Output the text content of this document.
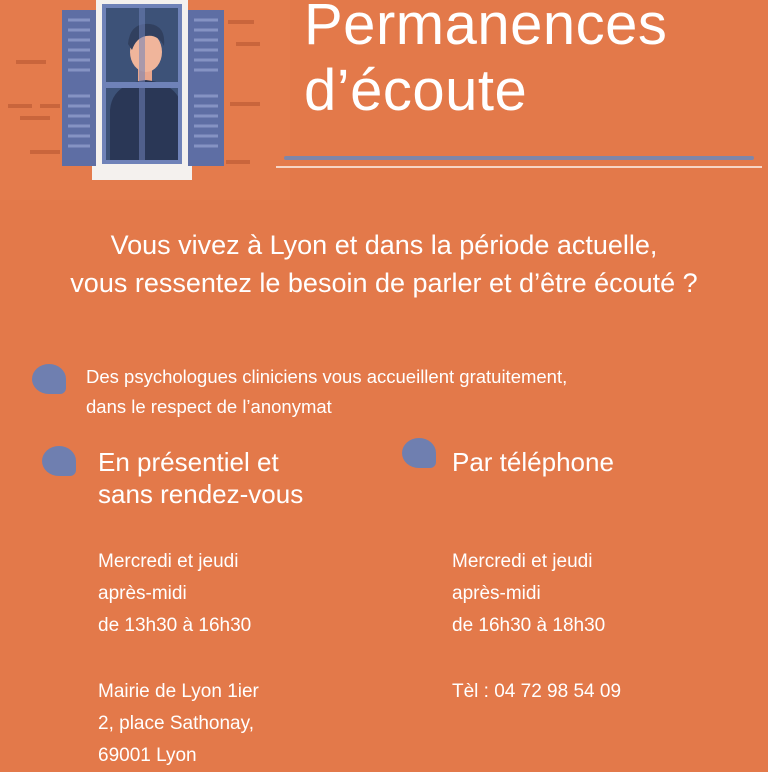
Permanences
d’écoute

Vous vivez à Lyon et dans la période actuelle,
vous ressentez le besoin de parler et d’être écouté ?

Des psychologues cliniciens vous accueillent gratuitement,
dans le respect de l’anonymat
En présentiel et
sans rendez-vous
Mercredi et jeudi
après-midi
de 13h30 à 16h30
Mairie de Lyon 1ier
2, place Sathonay,
69001 Lyon
Par téléphone
Mercredi et jeudi
après-midi
de 16h30 à 18h30
Tèl : 04 72 98 54 09
